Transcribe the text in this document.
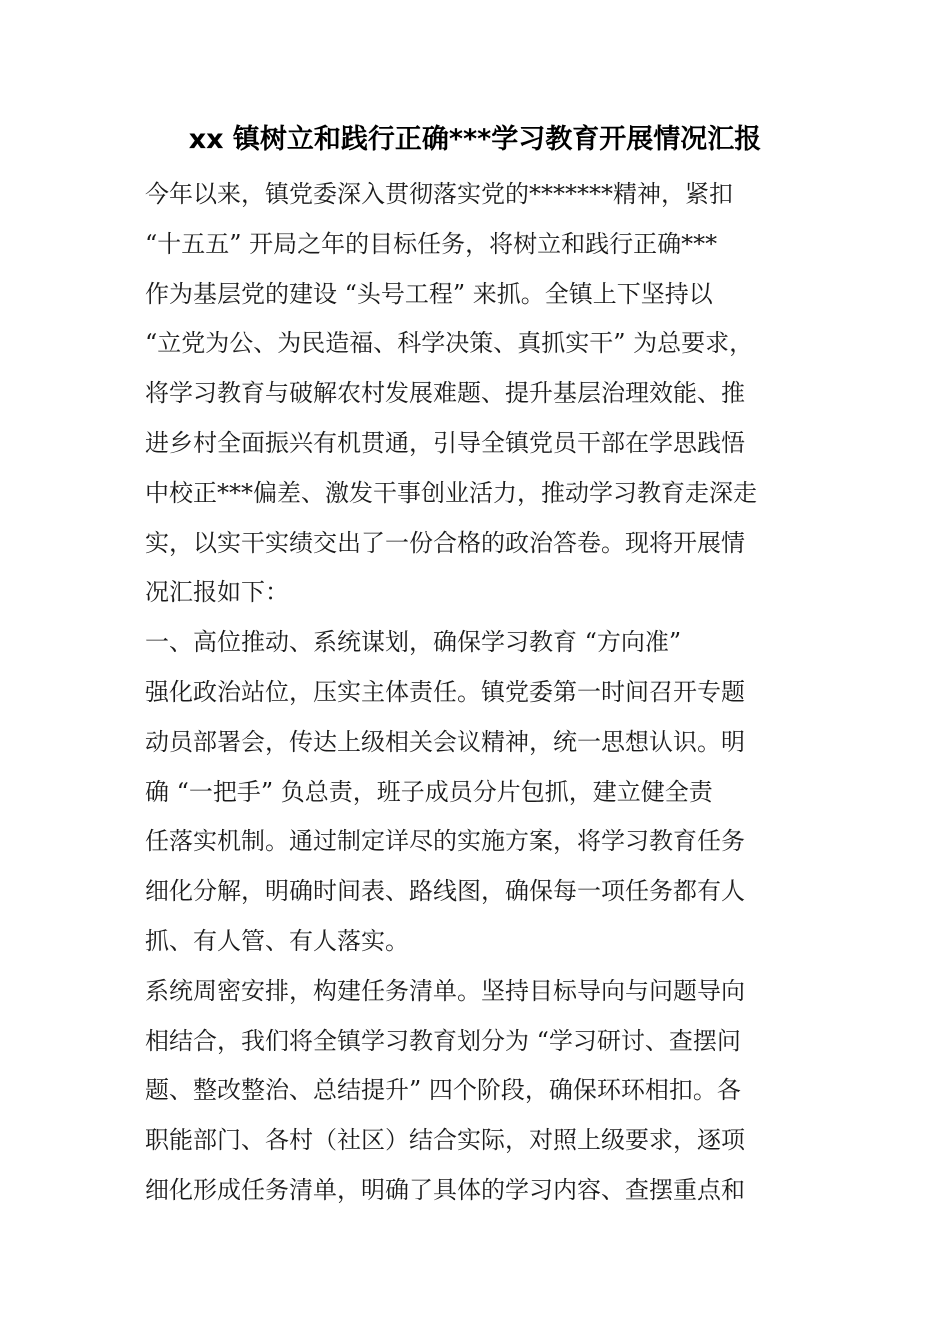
xx 镇树立和践行正确***学习教育开展情况汇报
今年以来，镇党委深入贯彻落实党的*******精神，紧扣
“十五五” 开局之年的目标任务，将树立和践行正确***
作为基层党的建设 “头号工程” 来抓。全镇上下坚持以
“立党为公、为民造福、科学决策、真抓实干” 为总要求，
将学习教育与破解农村发展难题、提升基层治理效能、推
进乡村全面振兴有机贯通，引导全镇党员干部在学思践悟
中校正***偏差、激发干事创业活力，推动学习教育走深走
实，以实干实绩交出了一份合格的政治答卷。现将开展情
况汇报如下：
一、高位推动、系统谋划，确保学习教育 “方向准”
强化政治站位，压实主体责任。镇党委第一时间召开专题
动员部署会，传达上级相关会议精神，统一思想认识。明
确 “一把手” 负总责，班子成员分片包抓，建立健全责
任落实机制。通过制定详尽的实施方案，将学习教育任务
细化分解，明确时间表、路线图，确保每一项任务都有人
抓、有人管、有人落实。
系统周密安排，构建任务清单。坚持目标导向与问题导向
相结合，我们将全镇学习教育划分为 “学习研讨、查摆问
题、整改整治、总结提升” 四个阶段，确保环环相扣。各
职能部门、各村（社区）结合实际，对照上级要求，逐项
细化形成任务清单，明确了具体的学习内容、查摆重点和
